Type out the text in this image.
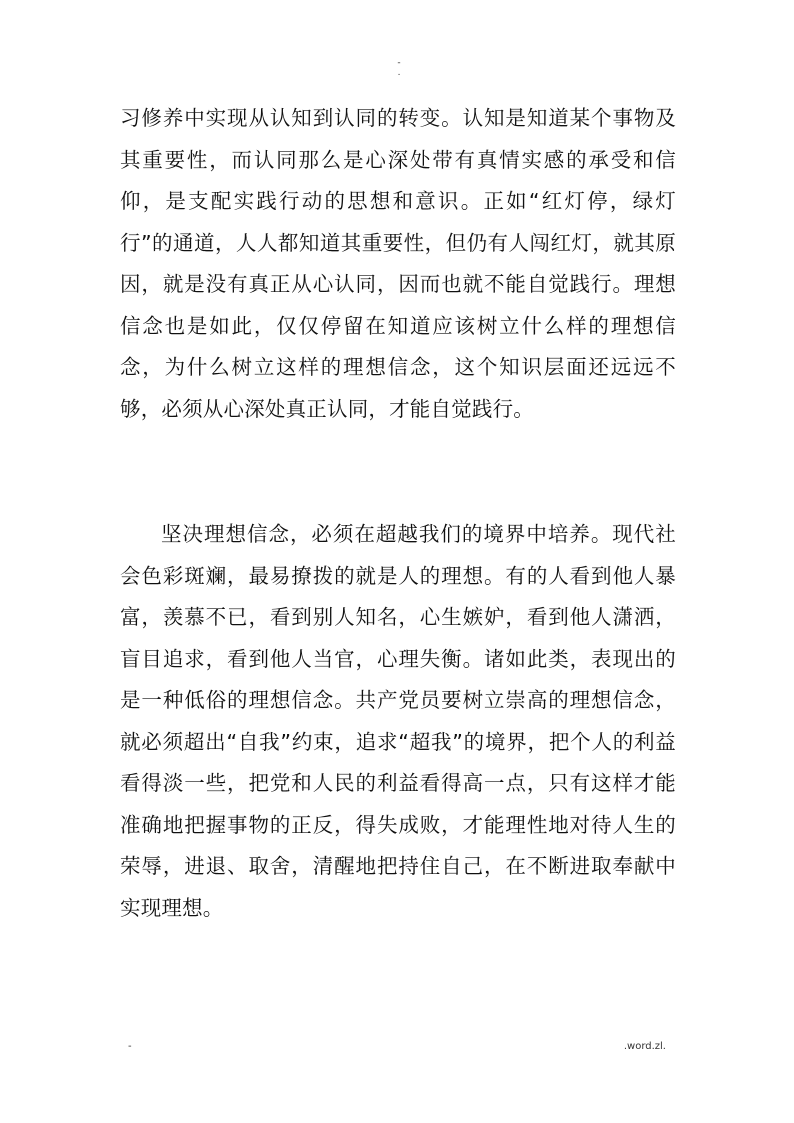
-
.

习修养中实现从认知到认同的转变。认知是知道某个事物及其重要性，而认同那么是心深处带有真情实感的承受和信仰，是支配实践行动的思想和意识。正如“红灯停，绿灯行”的通道，人人都知道其重要性，但仍有人闯红灯，就其原因，就是没有真正从心认同，因而也就不能自觉践行。理想信念也是如此，仅仅停留在知道应该树立什么样的理想信念，为什么树立这样的理想信念，这个知识层面还远远不够，必须从心深处真正认同，才能自觉践行。

坚决理想信念，必须在超越我们的境界中培养。现代社会色彩斑斓，最易撩拨的就是人的理想。有的人看到他人暴富，羡慕不已，看到别人知名，心生嫉妒，看到他人潇洒，盲目追求，看到他人当官，心理失衡。诸如此类，表现出的是一种低俗的理想信念。共产党员要树立崇高的理想信念，就必须超出“自我”约束，追求“超我”的境界，把个人的利益看得淡一些，把党和人民的利益看得高一点，只有这样才能准确地把握事物的正反，得失成败，才能理性地对待人生的荣辱，进退、取舍，清醒地把持住自己，在不断进取奉献中实现理想。

-	.word.zl.
